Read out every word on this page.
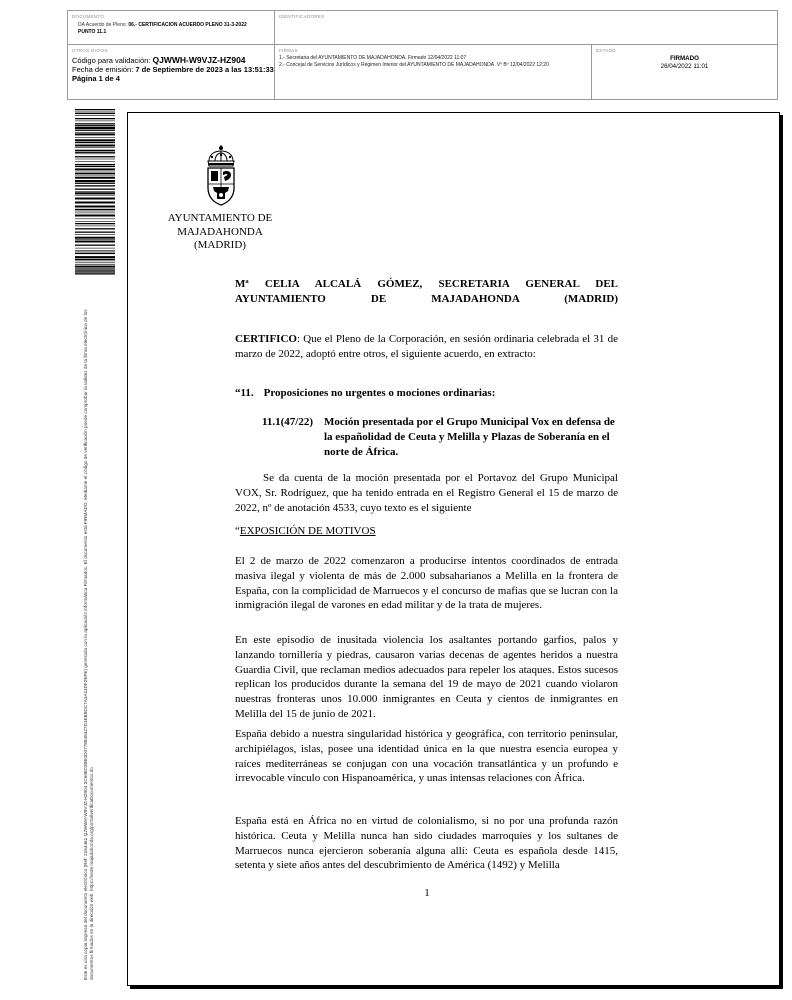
DOCUMENTO
DA Acuerdo de Pleno: 06.- CERTIFICACION ACUERDO PLENO 31-3-2022
PUNTO 11.1
IDENTIFICADORES
OTROS DATOS
Código para validación: QJWWH-W9VJZ-HZ904
Fecha de emisión: 7 de Septiembre de 2023 a las 13:51:33
Página 1 de 4
FIRMAS
1.- Secretaria del AYUNTAMIENTO DE MAJADAHONDA. Firmado 12/04/2022 11:07
2.- Concejal de Servicios Jurídicos y Régimen Interior del AYUNTAMIENTO DE MAJADAHONDA. Vº Bº 12/04/2022 12:20
ESTADO
FIRMADO
26/04/2022 11:01
Este es una copia impresa del documento electrónico (Ref: 2154461 QJWWH-W9VJZ-HZ904 2C69E02BE0D0778848427D1EB9DC7A3A11DF2EFE) generada con la aplicación informática Firmadoc. El documento está FIRMADO. Mediante el código de verificación puede comprobar la validez de la firma electrónica de los documentos firmados en la dirección web: https://sede.majadahonda.org/portal/verificaDocumentos.do
AYUNTAMIENTO DE
MAJADAHONDA
(MADRID)

Mª CELIA ALCALÁ GÓMEZ, SECRETARIA GENERAL DEL AYUNTAMIENTO DE MAJADAHONDA (MADRID)

CERTIFICO: Que el Pleno de la Corporación, en sesión ordinaria celebrada el 31 de marzo de 2022, adoptó entre otros, el siguiente acuerdo, en extracto:

“11. Proposiciones no urgentes o mociones ordinarias:
11.1(47/22) Moción presentada por el Grupo Municipal Vox en defensa de la españolidad de Ceuta y Melilla y Plazas de Soberanía en el norte de África.

Se da cuenta de la moción presentada por el Portavoz del Grupo Municipal VOX, Sr. Rodríguez, que ha tenido entrada en el Registro General el 15 de marzo de 2022, nº de anotación 4533, cuyo texto es el siguiente

“EXPOSICIÓN DE MOTIVOS

El 2 de marzo de 2022 comenzaron a producirse intentos coordinados de entrada masiva ilegal y violenta de más de 2.000 subsaharianos a Melilla en la frontera de España, con la complicidad de Marruecos y el concurso de mafias que se lucran con la inmigración ilegal de varones en edad militar y de la trata de mujeres.

En este episodio de inusitada violencia los asaltantes portando garfios, palos y lanzando tornillería y piedras, causaron varias decenas de agentes heridos a nuestra Guardia Civil, que reclaman medios adecuados para repeler los ataques. Estos sucesos replican los producidos durante la semana del 19 de mayo de 2021 cuando violaron nuestras fronteras unos 10.000 inmigrantes en Ceuta y cientos de inmigrantes en Melilla del 15 de junio de 2021.

España debido a nuestra singularidad histórica y geográfica, con territorio peninsular, archipiélagos, islas, posee una identidad única en la que nuestra esencia europea y raíces mediterráneas se conjugan con una vocación transatlántica y un profundo e irrevocable vínculo con Hispanoamérica, y unas intensas relaciones con África.

España está en África no en virtud de colonialismo, si no por una profunda razón histórica. Ceuta y Melilla nunca han sido ciudades marroquíes y los sultanes de Marruecos nunca ejercieron soberanía alguna allí: Ceuta es española desde 1415, setenta y siete años antes del descubrimiento de América (1492) y Melilla

1
